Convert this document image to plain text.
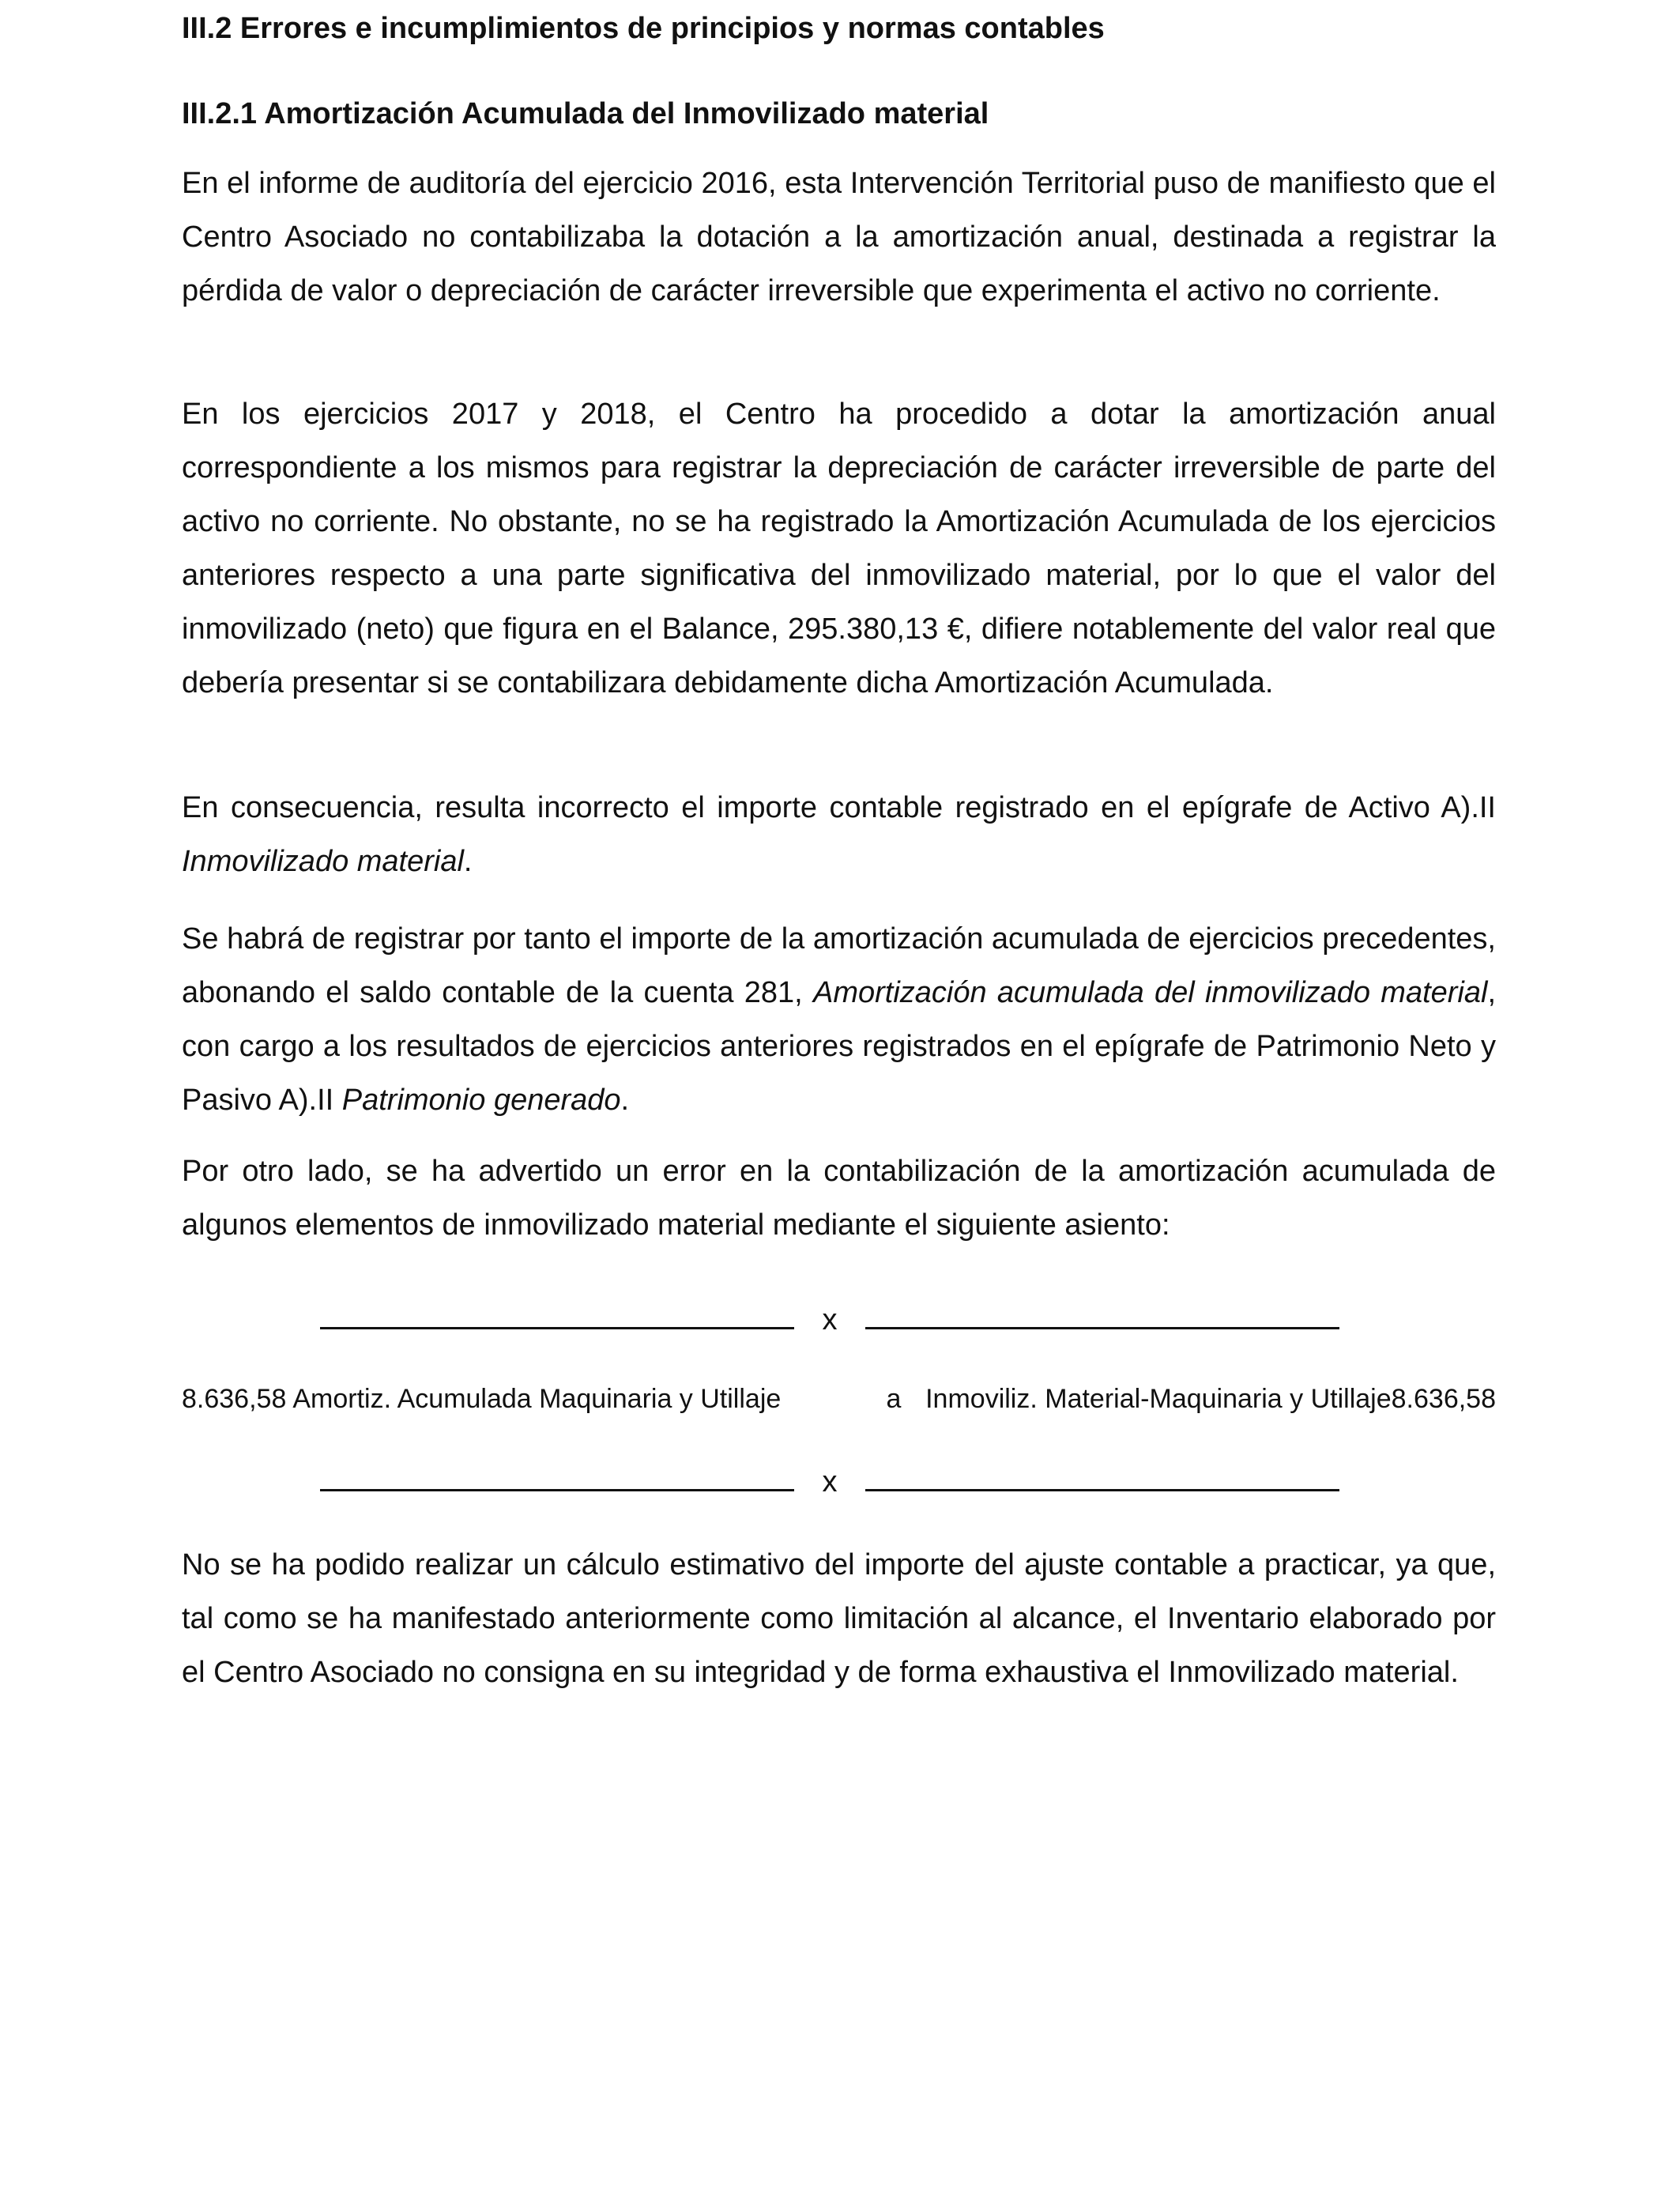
III.2 Errores e incumplimientos de principios y normas contables
III.2.1 Amortización Acumulada del Inmovilizado material

En el informe de auditoría del ejercicio 2016, esta Intervención Territorial puso de manifiesto que el Centro Asociado no contabilizaba la dotación a la amortización anual, destinada a registrar la pérdida de valor o depreciación de carácter irreversible que experimenta el activo no corriente.

En los ejercicios 2017 y 2018, el Centro ha procedido a dotar la amortización anual correspondiente a los mismos para registrar la depreciación de carácter irreversible de parte del activo no corriente. No obstante, no se ha registrado la Amortización Acumulada de los ejercicios anteriores respecto a una parte significativa del inmovilizado material, por lo que el valor del inmovilizado (neto) que figura en el Balance, 295.380,13 €, difiere notablemente del valor real que debería presentar si se contabilizara debidamente dicha Amortización Acumulada.

En consecuencia, resulta incorrecto el importe contable registrado en el epígrafe de Activo A).II Inmovilizado material.

Se habrá de registrar por tanto el importe de la amortización acumulada de ejercicios precedentes, abonando el saldo contable de la cuenta 281, Amortización acumulada del inmovilizado material, con cargo a los resultados de ejercicios anteriores registrados en el epígrafe de Patrimonio Neto y Pasivo A).II Patrimonio generado.

Por otro lado, se ha advertido un error en la contabilización de la amortización acumulada de algunos elementos de inmovilizado material mediante el siguiente asiento:

x
8.636,58 Amortiz. Acumulada Maquinaria y Utillaje	a Inmoviliz. Material-Maquinaria y Utillaje 8.636,58
x

No se ha podido realizar un cálculo estimativo del importe del ajuste contable a practicar, ya que, tal como se ha manifestado anteriormente como limitación al alcance, el Inventario elaborado por el Centro Asociado no consigna en su integridad y de forma exhaustiva el Inmovilizado material.
